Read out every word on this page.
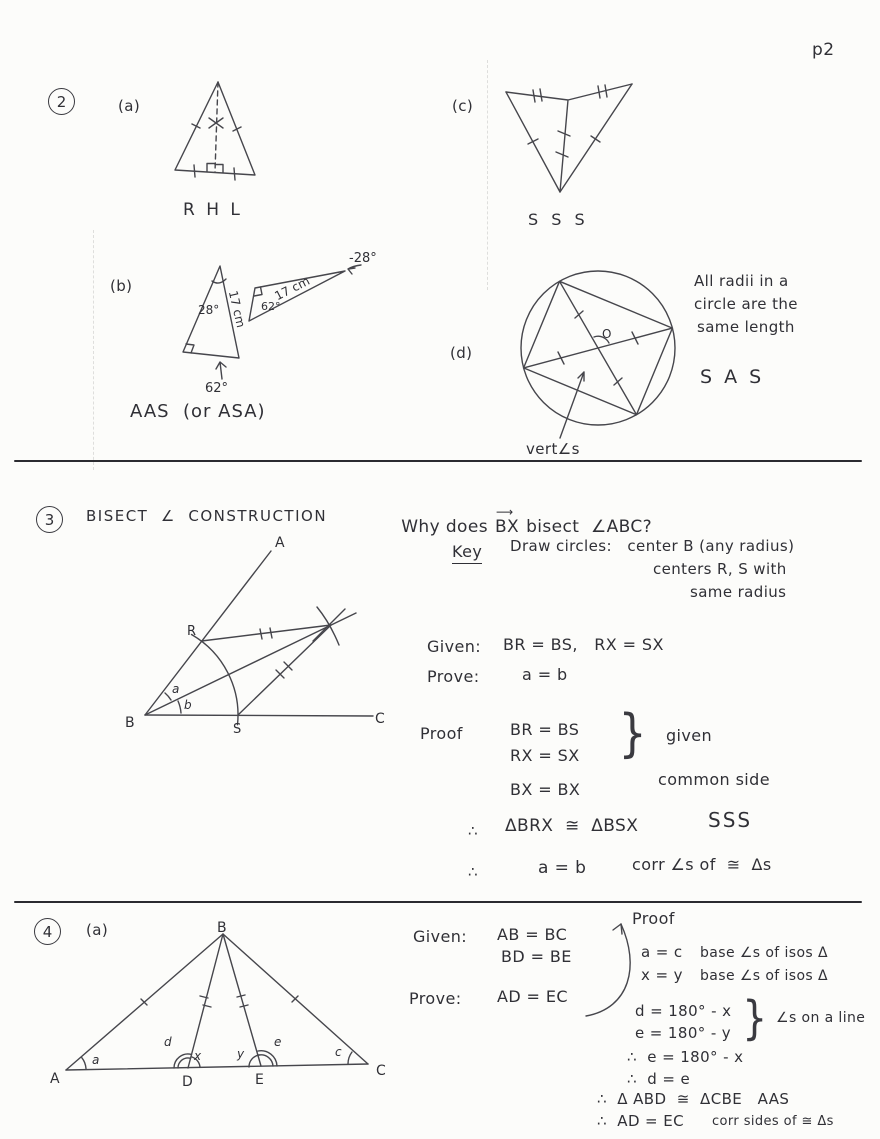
p2
2	(a)
R H L
(c)
S S S
(b)
28° 17 cm
62°
62°
17 cm
-28°
AAS  (or ASA)
(d)
O
vert∠s
All radii in a
circle are the
same length
S A S
3 BISECT  ∠  CONSTRUCTION

Why does
⟶
BX bisect  ∠ABC?

Key Draw circles:   center B (any radius)
centers R, S with
same radius
Given: BR = BS,   RX = SX
Prove:	a = b
Proof	BR = BS
RX = SX } given
BX = BX
common side
∴ ΔBRX  ≅  ΔBSX	SSS
∴	a = b	corr ∠s of  ≅  Δs
A
B	C
R
S
a
b
4 (a)
A
B
C
D	E
a
d
x	y
e
c
Given: AB = BC
BD = BE
Prove: AD = EC
Proof
a = c base ∠s of isos Δ
x = y base ∠s of isos Δ
d = 180° - x
e = 180° - y } ∠s on a line
∴  e = 180° - x
∴  d = e
∴  Δ ABD  ≅  ΔCBE   AAS
∴  AD = EC corr sides of ≅ Δs
